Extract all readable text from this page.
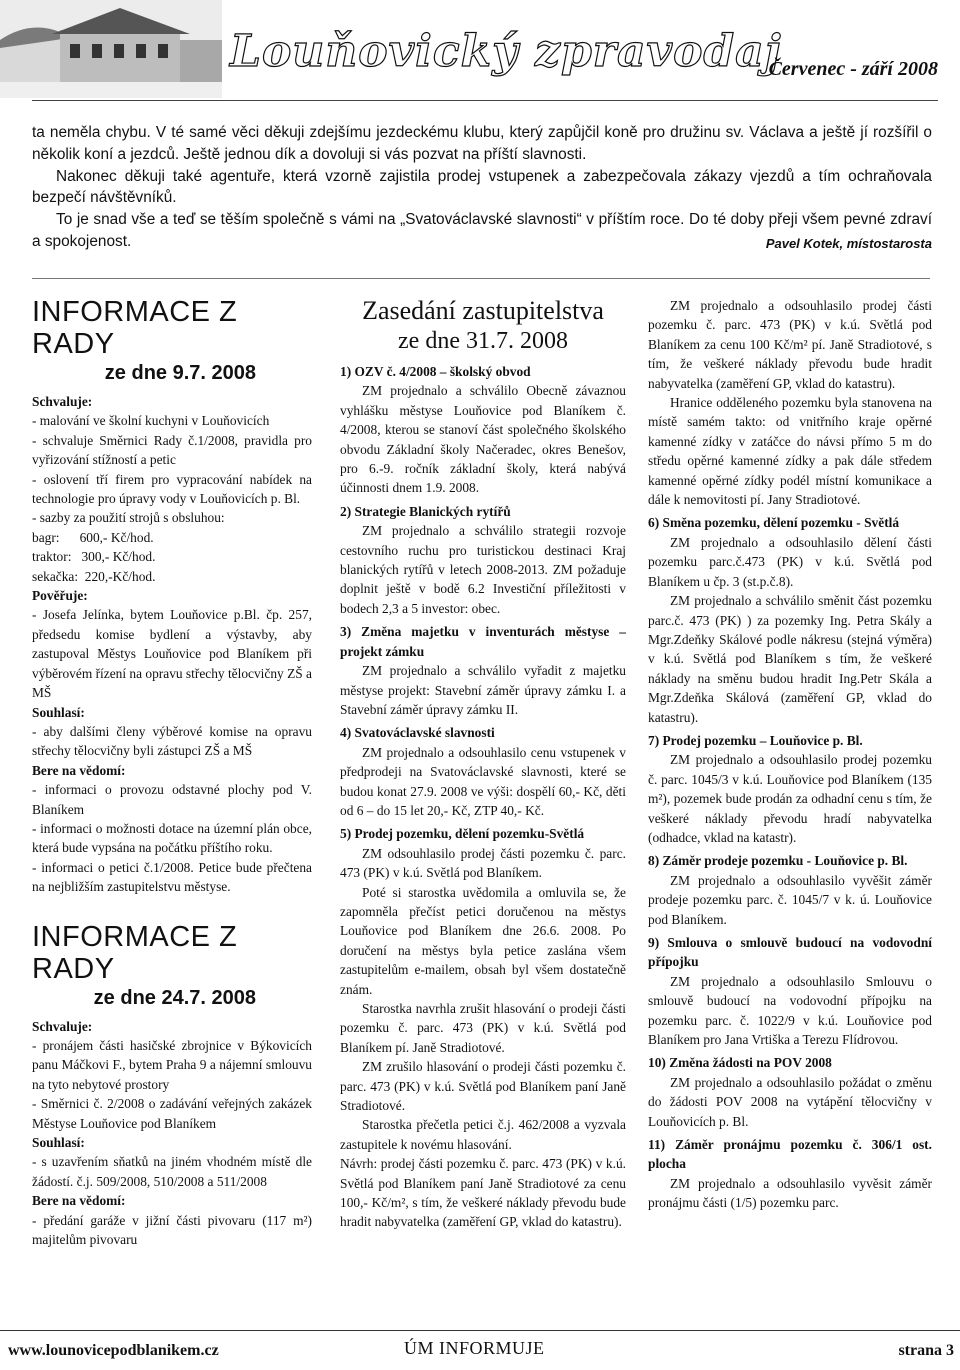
Louňovický zpravodaj
Červenec - září 2008

ta neměla chybu. V té samé věci děkuji zdejšímu jezdeckému klubu, který zapůjčil koně pro družinu sv. Václava a ještě jí rozšířil o několik koní a jezdců. Ještě jednou dík a dovoluji si vás pozvat na příští slavnosti.

Nakonec děkuji také agentuře, která vzorně zajistila prodej vstupenek a zabezpečovala zákazy vjezdů a tím ochraňovala bezpečí návštěvníků.

To je snad vše a teď se těším společně s vámi na „Svatováclavské slavnosti“ v příštím roce. Do té doby přeji všem pevné zdraví a spokojenost.	Pavel Kotek, místostarosta

INFORMACE Z RADY
ze dne 9.7. 2008

Schvaluje:

- malování ve školní kuchyni v Louňovicích

- schvaluje Směrnici Rady č.1/2008, pravidla pro vyřizování stížností a petic

- oslovení tří firem pro vypracování nabídek na technologie pro úpravy vody v Louňovicích p. Bl.

- sazby za použití strojů s obsluhou:

bagr:      600,- Kč/hod.

traktor:   300,- Kč/hod.

sekačka:  220,-Kč/hod.

Pověřuje:

- Josefa Jelínka, bytem Louňovice p.Bl. čp. 257, předsedu komise bydlení a výstavby, aby zastupoval Městys Louňovice pod Blaníkem při výběrovém řízení na opravu střechy tělocvičny ZŠ a MŠ

Souhlasí:

- aby dalšími členy výběrové komise na opravu střechy tělocvičny byli zástupci ZŠ a MŠ

Bere na vědomí:

- informaci o provozu odstavné plochy pod V. Blaníkem

- informaci o možnosti dotace na územní plán obce, která bude vypsána na počátku příštího roku.

- informaci o petici č.1/2008. Petice bude přečtena na nejbližším zastupitelstvu městyse.

INFORMACE Z RADY
ze dne 24.7. 2008

Schvaluje:

- pronájem části hasičské zbrojnice v Býkovicích panu Máčkovi F., bytem Praha 9 a nájemní smlouvu na tyto nebytové prostory

- Směrnici č. 2/2008 o zadávání veřejných zakázek Městyse Louňovice pod Blaníkem

Souhlasí:

- s uzavřením sňatků na jiném vhodném místě dle žádostí. č.j. 509/2008, 510/2008 a 511/2008

Bere na vědomí:

- předání garáže v jižní části pivovaru (117 m²) majitelům pivovaru

Zasedání zastupitelstva
ze dne 31.7. 2008

1) OZV č. 4/2008 – školský obvod

ZM projednalo a schválilo Obecně závaznou vyhlášku městyse Louňovice pod Blaníkem č. 4/2008, kterou se stanoví část společného školského obvodu Základní školy Načeradec, okres Benešov, pro 6.-9. ročník základní školy, která nabývá účinnosti dnem 1.9. 2008.

2) Strategie Blanických rytířů

ZM projednalo a schválilo strategii rozvoje cestovního ruchu pro turistickou destinaci Kraj blanických rytířů v letech 2008-2013. ZM požaduje doplnit ještě v bodě 6.2 Investiční příležitosti v bodech 2,3 a 5 investor: obec.

3) Změna majetku v inventurách městyse – projekt zámku

ZM projednalo a schválilo vyřadit z majetku městyse projekt: Stavební záměr úpravy zámku I. a Stavební záměr úpravy zámku II.

4) Svatováclavské slavnosti

ZM projednalo a odsouhlasilo cenu vstupenek v předprodeji na Svatováclavské slavnosti, které se budou konat 27.9. 2008 ve výši: dospělí 60,- Kč, děti od 6 – do 15 let 20,- Kč, ZTP 40,- Kč.

5) Prodej pozemku, dělení pozemku-Světlá

ZM odsouhlasilo prodej části pozemku č. parc. 473 (PK) v k.ú. Světlá pod Blaníkem.

Poté si starostka uvědomila a omluvila se, že zapomněla přečíst petici doručenou na městys Louňovice pod Blaníkem dne 26.6. 2008. Po doručení na městys byla petice zaslána všem zastupitelům e-mailem, obsah byl všem dostatečně znám.

Starostka navrhla zrušit hlasování o prodeji části pozemku č. parc. 473 (PK) v k.ú. Světlá pod Blaníkem pí. Janě Stradiotové.

ZM zrušilo hlasování o prodeji části pozemku č. parc. 473 (PK) v k.ú. Světlá pod Blaníkem paní Janě Stradiotové.

Starostka přečetla petici č.j. 462/2008 a vyzvala zastupitele k novému hlasování.

Návrh: prodej části pozemku č. parc. 473 (PK) v k.ú. Světlá pod Blaníkem paní Janě Stradiotové za cenu 100,- Kč/m², s tím, že veškeré náklady převodu bude hradit nabyvatelka (zaměření GP, vklad do katastru).

ZM projednalo a odsouhlasilo prodej části pozemku č. parc. 473 (PK) v k.ú. Světlá pod Blaníkem za cenu 100 Kč/m² pí. Janě Stradiotové, s tím, že veškeré náklady převodu bude hradit nabyvatelka (zaměření GP, vklad do katastru).

Hranice odděleného pozemku byla stanovena na místě samém takto: od vnitřního kraje opěrné kamenné zídky v zatáčce do návsi přímo 5 m do středu opěrné kamenné zídky a pak dále středem kamenné opěrné zídky podél místní komunikace a dále k nemovitosti pí. Jany Stradiotové.

6) Směna pozemku, dělení pozemku - Světlá

ZM projednalo a odsouhlasilo dělení části pozemku parc.č.473 (PK) v k.ú. Světlá pod Blaníkem u čp. 3 (st.p.č.8).

ZM projednalo a schválilo směnit část pozemku parc.č. 473 (PK) ) za pozemky Ing. Petra Skály a Mgr.Zdeňky Skálové podle nákresu (stejná výměra) v k.ú. Světlá pod Blaníkem s tím, že veškeré náklady na směnu budou hradit Ing.Petr Skála a Mgr.Zdeňka Skálová (zaměření GP, vklad do katastru).

7) Prodej pozemku – Louňovice p. Bl.

ZM projednalo a odsouhlasilo prodej pozemku č. parc. 1045/3 v k.ú. Louňovice pod Blaníkem (135 m²), pozemek bude prodán za odhadní cenu s tím, že veškeré náklady převodu hradí nabyvatelka (odhadce, vklad na katastr).

8) Záměr prodeje pozemku - Louňovice p. Bl.

ZM projednalo a odsouhlasilo vyvěšit záměr prodeje pozemku parc. č. 1045/7 v k. ú. Louňovice pod Blaníkem.

9) Smlouva o smlouvě budoucí na vodovodní přípojku

ZM projednalo a odsouhlasilo Smlouvu o smlouvě budoucí na vodovodní přípojku na pozemku parc. č. 1022/9 v k.ú. Louňovice pod Blaníkem pro Jana Vrtiška a Terezu Flídrovou.

10) Změna žádosti na POV 2008

ZM projednalo a odsouhlasilo požádat o změnu do žádosti POV 2008 na vytápění tělocvičny v Louňovicích p. Bl.

11) Záměr pronájmu pozemku č. 306/1 ost. plocha

ZM projednalo a odsouhlasilo vyvěsit záměr pronájmu části (1/5) pozemku parc.

www.lounovicepodblanikem.cz	ÚM INFORMUJE	strana 3
